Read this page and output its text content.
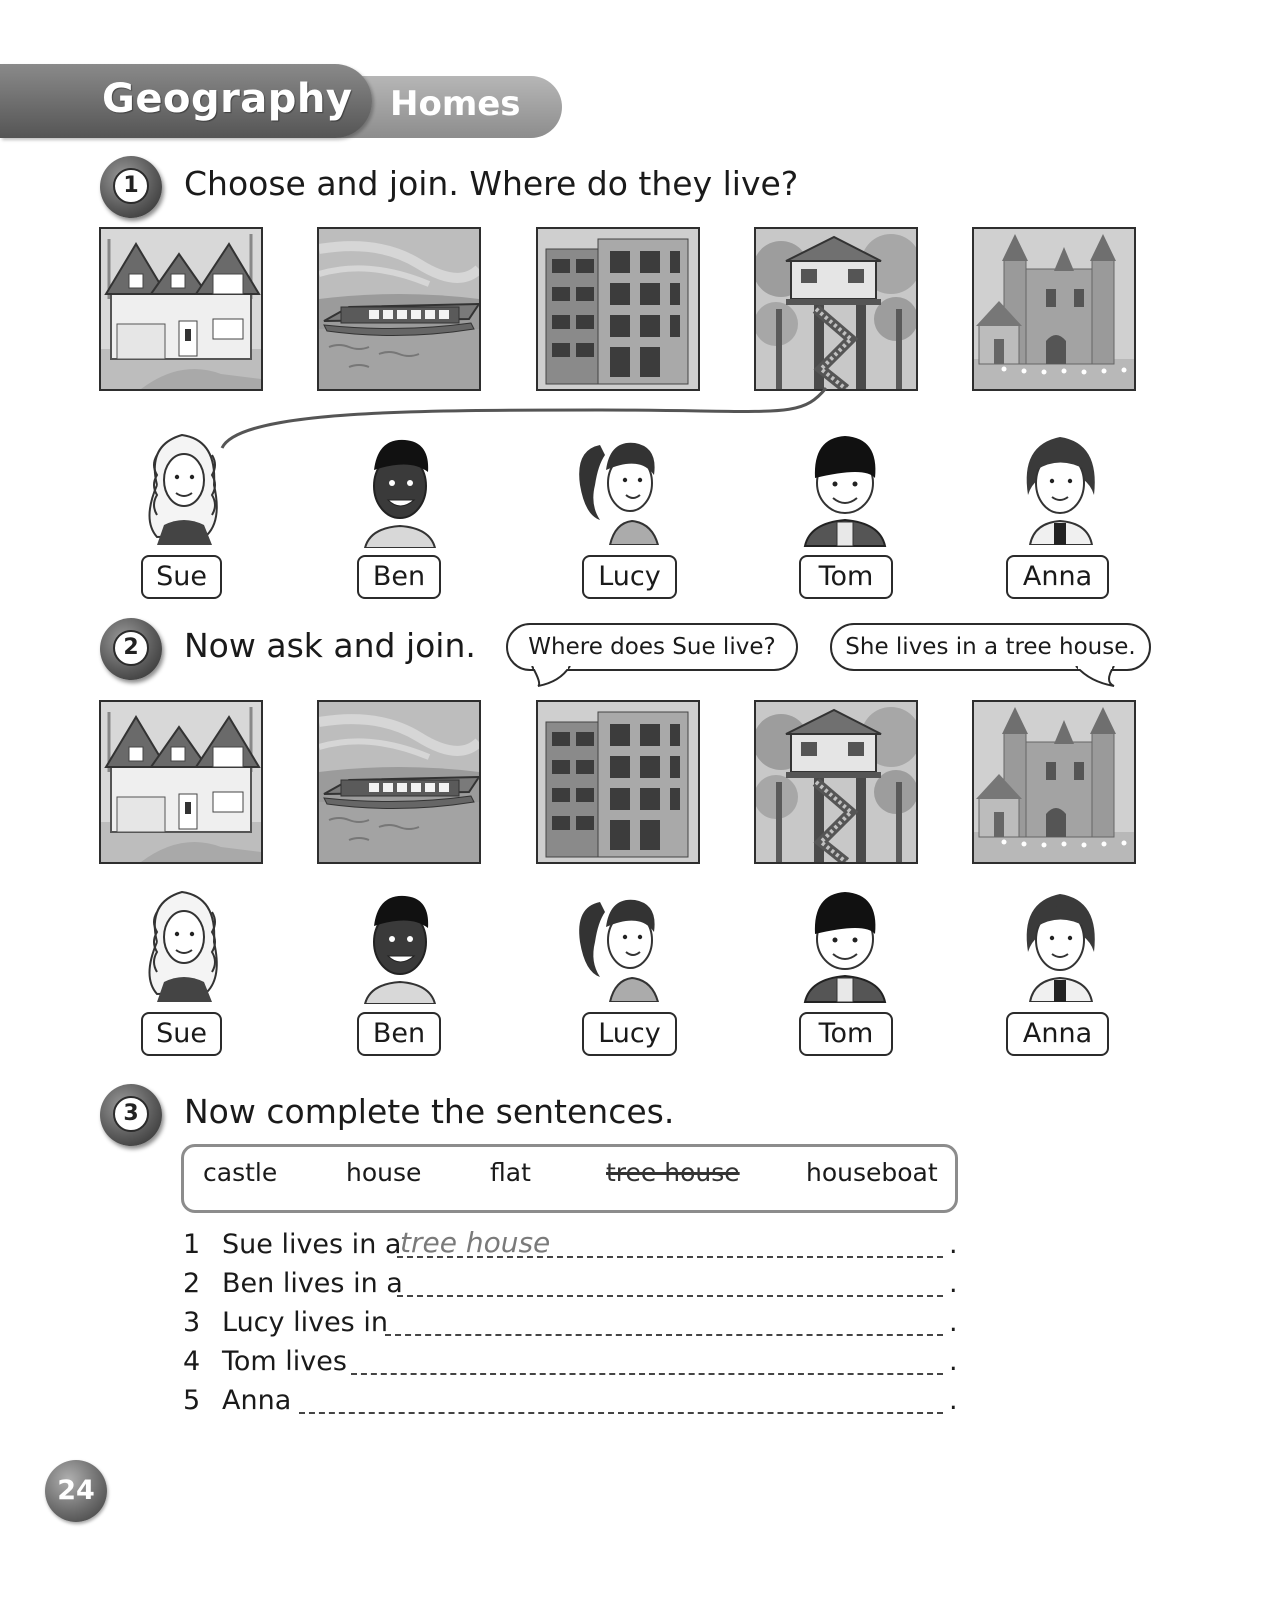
Geography Homes
1	Choose and join. Where do they live?
Sue	Ben	Lucy	Tom	Anna
2	Now ask and join.	Where does Sue live?	She lives in a tree house.
Sue	Ben	Lucy	Tom	Anna
3	Now complete the sentences.
castle	house	flat	tree house	houseboat
1 Sue lives in a
tree house	.
2 Ben lives in a	.
3 Lucy lives in	.
4 Tom lives	.
5 Anna	.
24
